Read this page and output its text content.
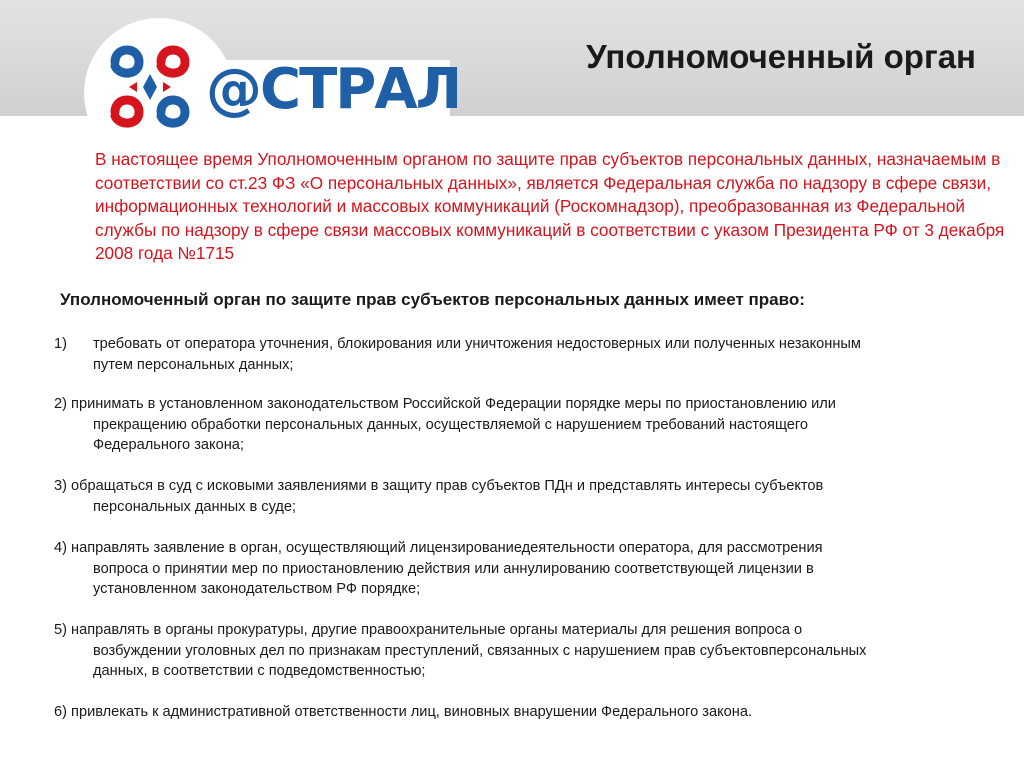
@СТРАЛ
Уполномоченный орган

В настоящее время Уполномоченным органом по защите прав субъектов персональных данных, назначаемым в соответствии со ст.23 ФЗ «О персональных данных», является Федеральная служба по надзору в сфере связи, информационных технологий и массовых коммуникаций (Роскомнадзор), преобразованная из Федеральной службы по надзору в сфере связи массовых коммуникаций в соответствии с указом Президента РФ от 3 декабря 2008 года №1715

Уполномоченный орган по защите прав субъектов персональных данных имеет право:

1) требовать от оператора уточнения, блокирования или уничтожения недостоверных или полученных незаконным
путем персональных данных;
2) принимать в установленном законодательством Российской Федерации порядке меры по приостановлению или
прекращению обработки персональных данных, осуществляемой с нарушением требований настоящего
Федерального закона;
3) обращаться в суд с исковыми заявлениями в защиту прав субъектов ПДн и представлять интересы субъектов
персональных данных в суде;
4) направлять заявление в орган, осуществляющий лицензированиедеятельности оператора, для рассмотрения
вопроса о принятии мер по приостановлению действия или аннулированию соответствующей лицензии в
установленном законодательством РФ порядке;
5) направлять в органы прокуратуры, другие правоохранительные органы материалы для решения вопроса о
возбуждении уголовных дел по признакам преступлений, связанных с нарушением прав субъектовперсональных
данных, в соответствии с подведомственностью;
6) привлекать к административной ответственности лиц, виновных внарушении Федерального закона.
